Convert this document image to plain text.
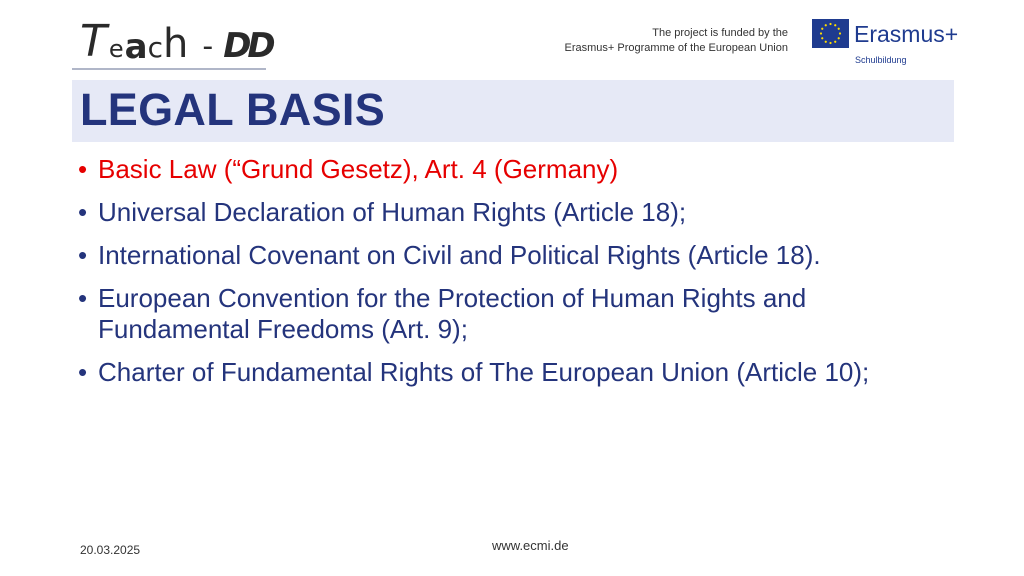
T e a c h - DD	The project is funded by the
Erasmus+ Programme of the European Union
Erasmus+
Schulbildung
LEGAL BASIS
• Basic Law (“Grund Gesetz), Art. 4 (Germany)
• Universal Declaration of Human Rights (Article 18);
• International Covenant on Civil and Political Rights (Article 18).
• European Convention for the Protection of Human Rights and Fundamental Freedoms (Art. 9);
• Charter of Fundamental Rights of The European Union (Article 10);
www.ecmi.de
20.03.2025
